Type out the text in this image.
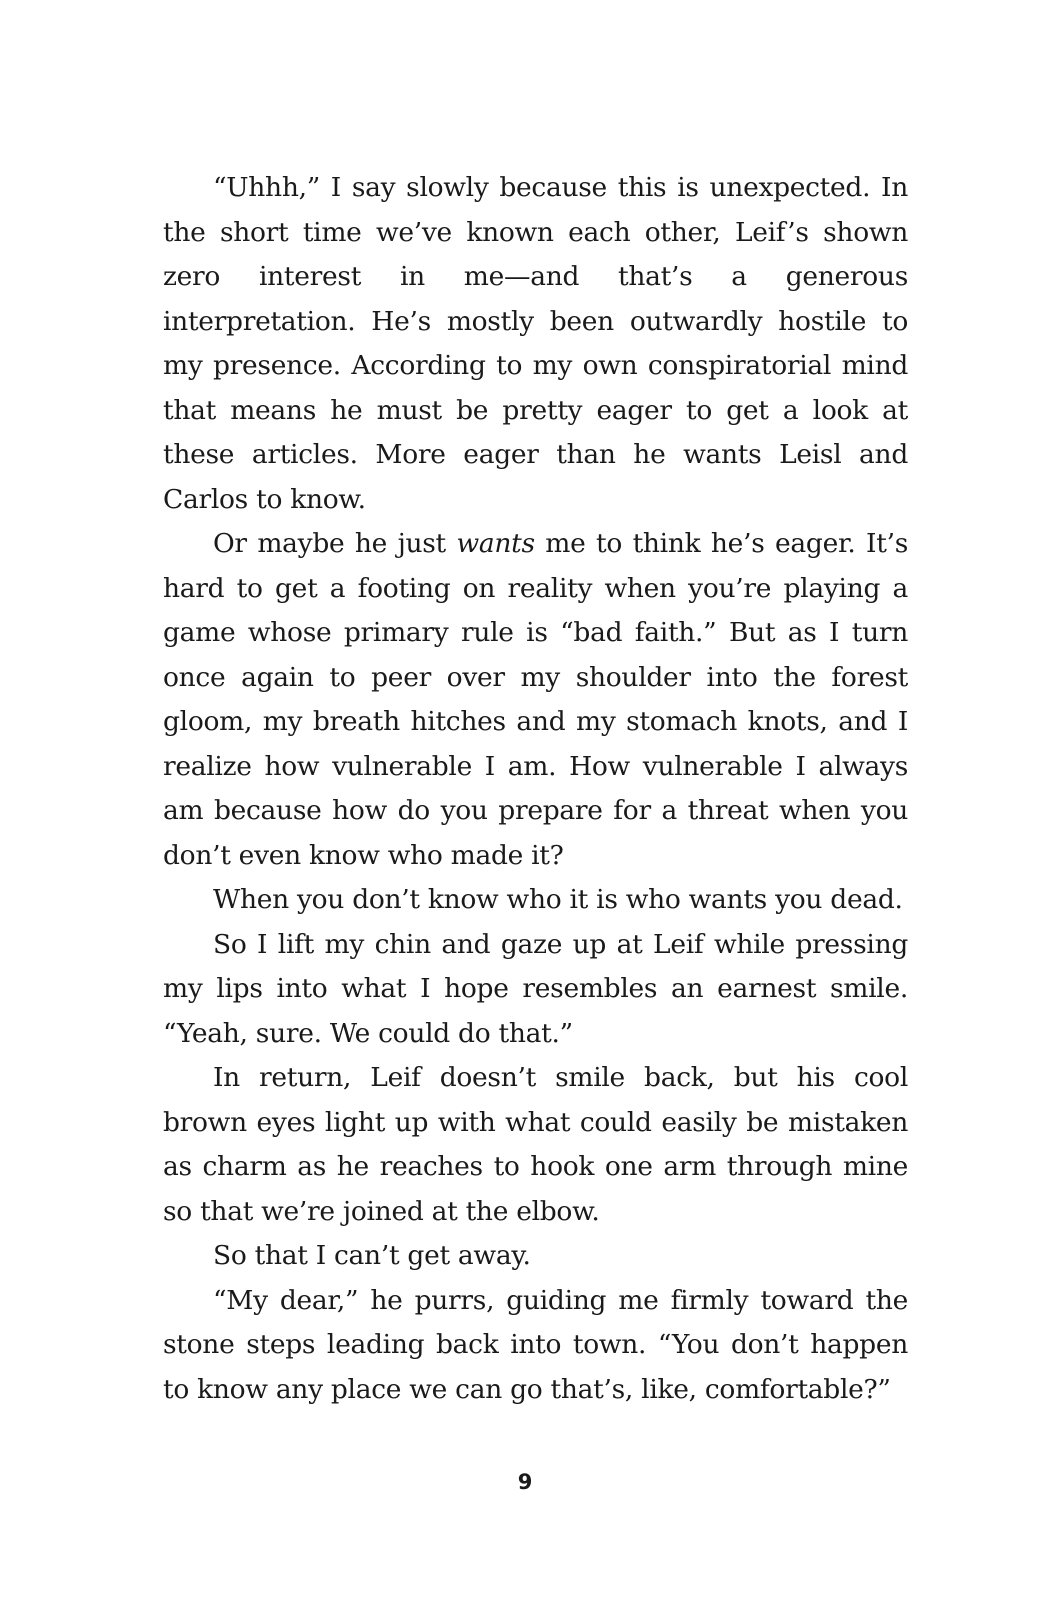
“Uhhh,” I say slowly because this is unexpected. In the short time we’ve known each other, Leif’s shown zero interest in me—and that’s a generous interpretation. He’s mostly been outwardly hostile to my presence. According to my own conspiratorial mind that means he must be pretty eager to get a look at these articles. More eager than he wants Leisl and Carlos to know.

Or maybe he just wants me to think he’s eager. It’s hard to get a footing on reality when you’re playing a game whose primary rule is “bad faith.” But as I turn once again to peer over my shoulder into the forest gloom, my breath hitches and my stomach knots, and I realize how vulnerable I am. How vulnerable I always am because how do you prepare for a threat when you don’t even know who made it?

When you don’t know who it is who wants you dead.

So I lift my chin and gaze up at Leif while pressing my lips into what I hope resembles an earnest smile. “Yeah, sure. We could do that.”

In return, Leif doesn’t smile back, but his cool brown eyes light up with what could easily be mistaken as charm as he reaches to hook one arm through mine so that we’re joined at the elbow.

So that I can’t get away.

“My dear,” he purrs, guiding me firmly toward the stone steps leading back into town. “You don’t happen to know any place we can go that’s, like, comfortable?”

9
